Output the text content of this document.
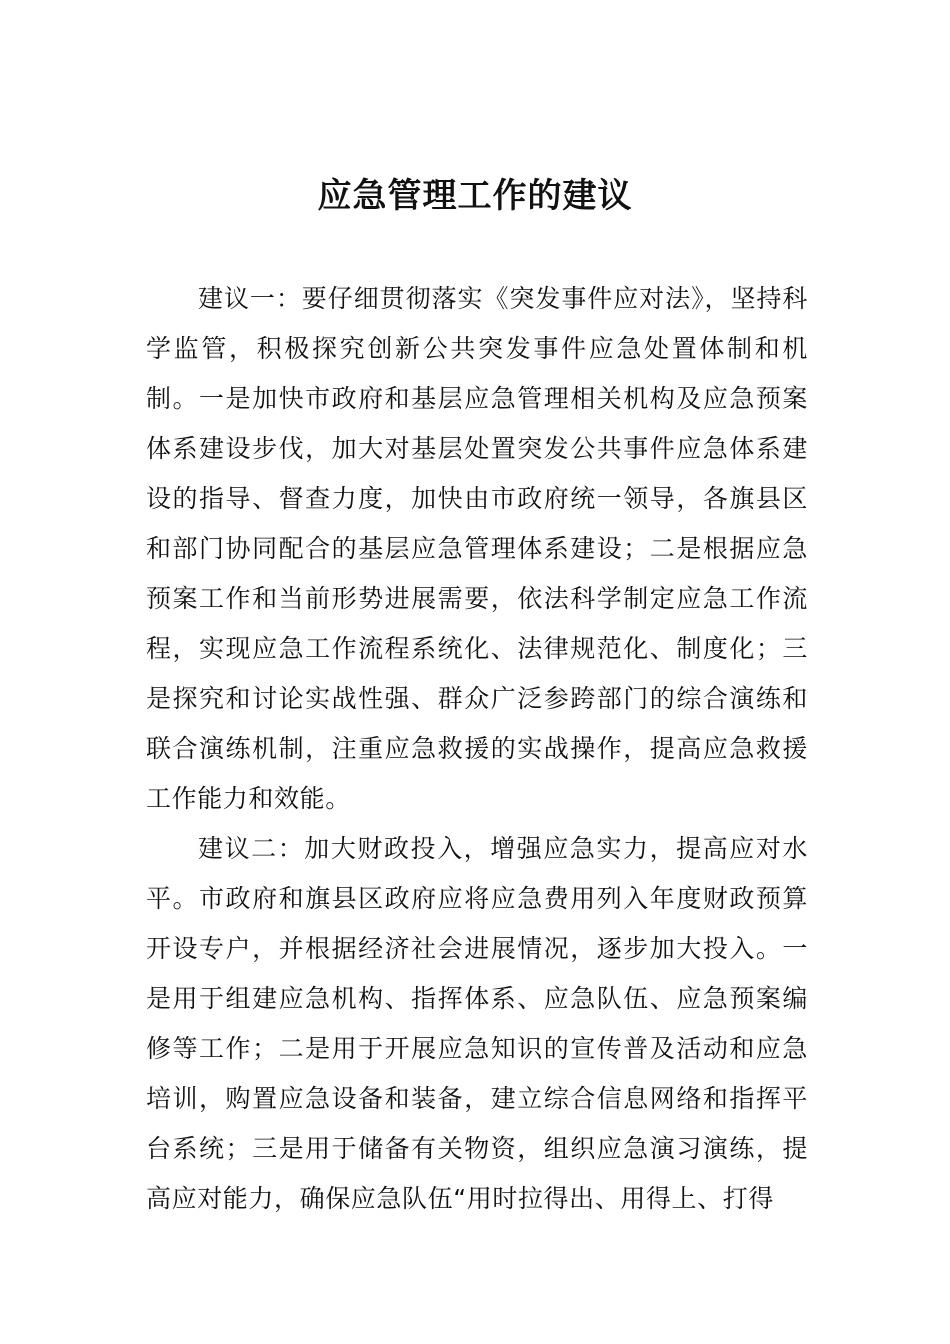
应急管理工作的建议

建议一：要仔细贯彻落实《突发事件应对法》，坚持科学监管，积极探究创新公共突发事件应急处置体制和机制。一是加快市政府和基层应急管理相关机构及应急预案体系建设步伐，加大对基层处置突发公共事件应急体系建设的指导、督查力度，加快由市政府统一领导，各旗县区和部门协同配合的基层应急管理体系建设；二是根据应急预案工作和当前形势进展需要，依法科学制定应急工作流程，实现应急工作流程系统化、法律规范化、制度化；三是探究和讨论实战性强、群众广泛参跨部门的综合演练和联合演练机制，注重应急救援的实战操作，提高应急救援工作能力和效能。

建议二：加大财政投入，增强应急实力，提高应对水平。市政府和旗县区政府应将应急费用列入年度财政预算开设专户，并根据经济社会进展情况，逐步加大投入。一是用于组建应急机构、指挥体系、应急队伍、应急预案编修等工作；二是用于开展应急知识的宣传普及活动和应急培训，购置应急设备和装备，建立综合信息网络和指挥平台系统；三是用于储备有关物资，组织应急演习演练，提高应对能力，确保应急队伍“用时拉得出、用得上、打得
